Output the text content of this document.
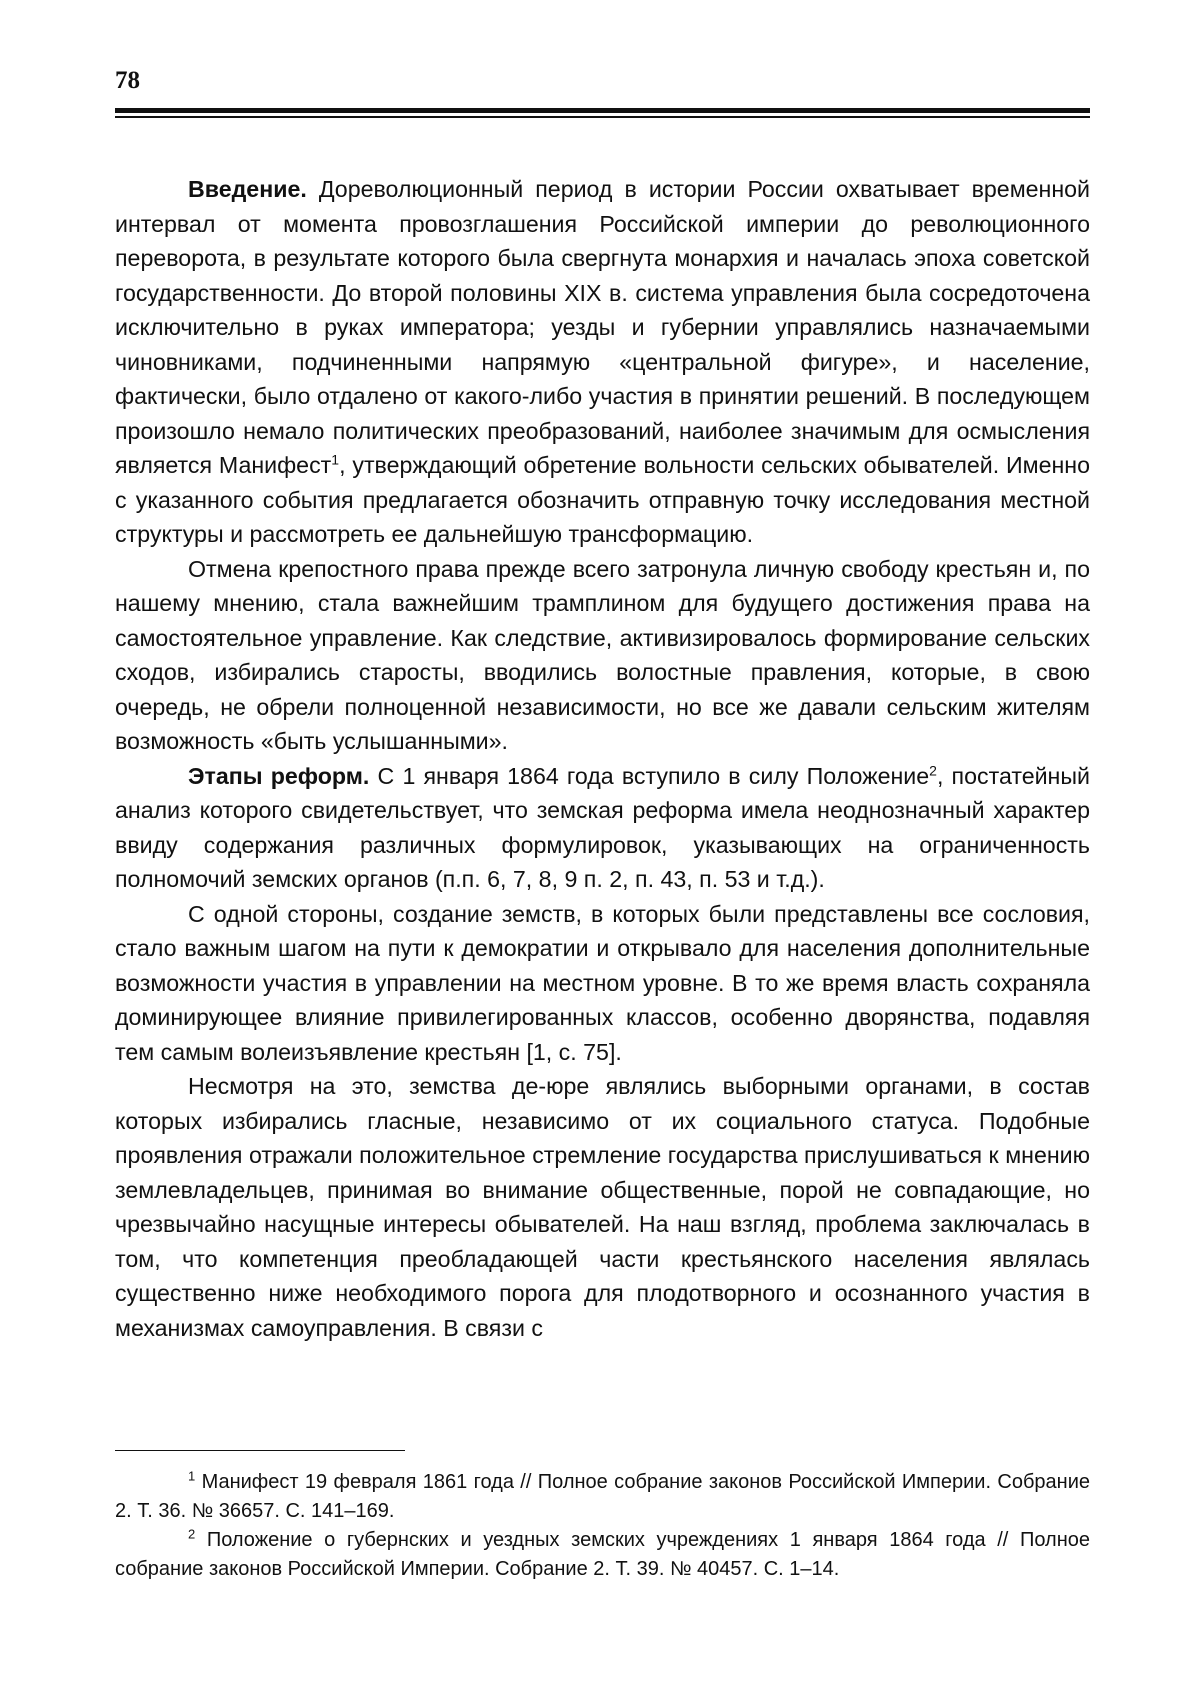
78

Введение. Дореволюционный период в истории России охватывает временной интервал от момента провозглашения Российской империи до революционного переворота, в результате которого была свергнута монархия и началась эпоха советской государственности. До второй половины XIX в. система управления была сосредоточена исключительно в руках императора; уезды и губернии управлялись назначаемыми чиновниками, подчиненными напрямую «центральной фигуре», и население, фактически, было отдалено от какого-либо участия в принятии решений. В последующем произошло немало политических преобразований, наиболее значимым для осмысления является Манифест$^1$, утверждающий обретение вольности сельских обывателей. Именно с указанного события предлагается обозначить отправную точку исследования местной структуры и рассмотреть ее дальнейшую трансформацию.

Отмена крепостного права прежде всего затронула личную свободу крестьян и, по нашему мнению, стала важнейшим трамплином для будущего достижения права на самостоятельное управление. Как следствие, активизировалось формирование сельских сходов, избирались старосты, вводились волостные правления, которые, в свою очередь, не обрели полноценной независимости, но все же давали сельским жителям возможность «быть услышанными».

Этапы реформ. С 1 января 1864 года вступило в силу Положение$^2$, постатейный анализ которого свидетельствует, что земская реформа имела неоднозначный характер ввиду содержания различных формулировок, указывающих на ограниченность полномочий земских органов (п.п. 6, 7, 8, 9 п. 2, п. 43, п. 53 и т.д.).

С одной стороны, создание земств, в которых были представлены все сословия, стало важным шагом на пути к демократии и открывало для населения дополнительные возможности участия в управлении на местном уровне. В то же время власть сохраняла доминирующее влияние привилегированных классов, особенно дворянства, подавляя тем самым волеизъявление крестьян [1, с. 75].

Несмотря на это, земства де-юре являлись выборными органами, в состав которых избирались гласные, независимо от их социального статуса. Подобные проявления отражали положительное стремление государства прислушиваться к мнению землевладельцев, принимая во внимание общественные, порой не совпадающие, но чрезвычайно насущные интересы обывателей. На наш взгляд, проблема заключалась в том, что компетенция преобладающей части крестьянского населения являлась существенно ниже необходимого порога для плодотворного и осознанного участия в механизмах самоуправления. В связи с

$^1$ Манифест 19 февраля 1861 года // Полное собрание законов Российской Империи. Собрание 2. Т. 36. № 36657. С. 141–169.

$^2$ Положение о губернских и уездных земских учреждениях 1 января 1864 года // Полное собрание законов Российской Империи. Собрание 2. Т. 39. № 40457. С. 1–14.
